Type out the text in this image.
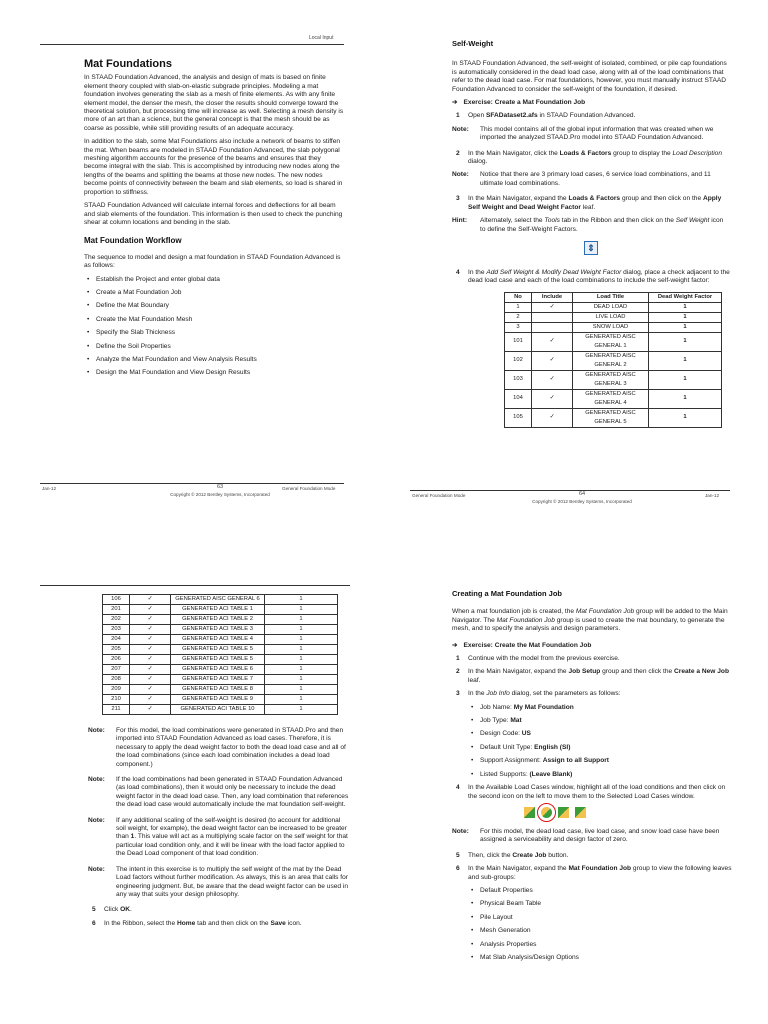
Local Input
Mat Foundations

In STAAD Foundation Advanced, the analysis and design of mats is based on finite element theory coupled with slab-on-elastic subgrade principles. Modeling a mat foundation involves generating the slab as a mesh of finite elements. As with any finite element model, the denser the mesh, the closer the results should converge toward the theoretical solution, but processing time will increase as well. Selecting a mesh density is more of an art than a science, but the general concept is that the mesh should be as coarse as possible, while still providing results of an adequate accuracy.

In addition to the slab, some Mat Foundations also include a network of beams to stiffen the mat. When beams are modeled in STAAD Foundation Advanced, the slab polygonal meshing algorithm accounts for the presence of the beams and ensures that they become integral with the slab. This is accomplished by introducing new nodes along the lengths of the beams and splitting the beams at those new nodes. The new nodes become points of connectivity between the beam and slab elements, so load is shared in proportion to stiffness.

STAAD Foundation Advanced will calculate internal forces and deflections for all beam and slab elements of the foundation. This information is then used to check the punching shear at column locations and bending in the slab.

Mat Foundation Workflow

The sequence to model and design a mat foundation in STAAD Foundation Advanced is as follows:

• Establish the Project and enter global data
• Create a Mat Foundation Job
• Define the Mat Boundary
• Create the Mat Foundation Mesh
• Specify the Slab Thickness
• Define the Soil Properties
• Analyze the Mat Foundation and View Analysis Results
• Design the Mat Foundation and View Design Results
Jan-12	63
Copyright © 2012 Bentley Systems, Incorporated
General Foundation Mode
Self-Weight

In STAAD Foundation Advanced, the self-weight of isolated, combined, or pile cap foundations is automatically considered in the dead load case, along with all of the load combinations that refer to the dead load case. For mat foundations, however, you must manually instruct STAAD Foundation Advanced to consider the self-weight of the foundation, if desired.

➔ Exercise: Create a Mat Foundation Job
1 Open SFADataset2.afs in STAAD Foundation Advanced.
Note: This model contains all of the global input information that was created when we imported the analyzed STAAD.Pro model into STAAD Foundation Advanced.
2 In the Main Navigator, click the Loads & Factors group to display the Load Description dialog.
Note: Notice that there are 3 primary load cases, 6 service load combinations, and 11 ultimate load combinations.
3 In the Main Navigator, expand the Loads & Factors group and then click on the Apply Self Weight and Dead Weight Factor leaf.
Hint: Alternately, select the Tools tab in the Ribbon and then click on the Self Weight icon to define the Self-Weight Factors.
⇕
4 In the Add Self Weight & Modify Dead Weight Factor dialog, place a check adjacent to the dead load case and each of the load combinations to include the self-weight factor:
No	Include	Load Title	Dead Weight Factor
1	✓	DEAD LOAD	1
2		LIVE LOAD	1
3		SNOW LOAD	1
101	✓	GENERATED AISC GENERAL 1	1
102	✓	GENERATED AISC GENERAL 2	1
103	✓	GENERATED AISC GENERAL 3	1
104	✓	GENERATED AISC GENERAL 4	1
105	✓	GENERATED AISC GENERAL 5	1
General Foundation Mode	64
Copyright © 2012 Bentley Systems, Incorporated
Jan-12
106	✓	GENERATED AISC GENERAL 6	1
201	✓	GENERATED ACI TABLE 1	1
202	✓	GENERATED ACI TABLE 2	1
203	✓	GENERATED ACI TABLE 3	1
204	✓	GENERATED ACI TABLE 4	1
205	✓	GENERATED ACI TABLE 5	1
206	✓	GENERATED ACI TABLE 5	1
207	✓	GENERATED ACI TABLE 6	1
208	✓	GENERATED ACI TABLE 7	1
209	✓	GENERATED ACI TABLE 8	1
210	✓	GENERATED ACI TABLE 9	1
211	✓	GENERATED ACI TABLE 10	1
Note: For this model, the load combinations were generated in STAAD.Pro and then imported into STAAD Foundation Advanced as load cases. Therefore, it is necessary to apply the dead weight factor to both the dead load case and all of the load combinations (since each load combination includes a dead load component.)
Note: If the load combinations had been generated in STAAD Foundation Advanced (as load combinations), then it would only be necessary to include the dead weight factor in the dead load case. Then, any load combination that references the dead load case would automatically include the mat foundation self-weight.
Note: If any additional scaling of the self-weight is desired (to account for additional soil weight, for example), the dead weight factor can be increased to be greater than 1. This value will act as a multiplying scale factor on the self weight for that particular load condition only, and it will be linear with the load factor applied to the Dead Load component of that load condition.
Note: The intent in this exercise is to multiply the self weight of the mat by the Dead Load factors without further modification. As always, this is an area that calls for engineering judgment. But, be aware that the dead weight factor can be used in any way that suits your design philosophy.
5 Click OK.
6 In the Ribbon, select the Home tab and then click on the Save icon.
Creating a Mat Foundation Job

When a mat foundation job is created, the Mat Foundation Job group will be added to the Main Navigator. The Mat Foundation Job group is used to create the mat boundary, to generate the mesh, and to specify the analysis and design parameters.

➔ Exercise: Create the Mat Foundation Job
1 Continue with the model from the previous exercise.
2 In the Main Navigator, expand the Job Setup group and then click the Create a New Job leaf.
3 In the Job Info dialog, set the parameters as follows:
• Job Name: My Mat Foundation
• Job Type: Mat
• Design Code: US
• Default Unit Type: English (SI)
• Support Assignment: Assign to all Support
• Listed Supports: (Leave Blank)
4 In the Available Load Cases window, highlight all of the load conditions and then click on the second icon on the left to move them to the Selected Load Cases window.
Note: For this model, the dead load case, live load case, and snow load case have been assigned a serviceability and design factor of zero.
5 Then, click the Create Job button.
6 In the Main Navigator, expand the Mat Foundation Job group to view the following leaves and sub-groups:
• Default Properties
• Physical Beam Table
• Pile Layout
• Mesh Generation
• Analysis Properties
• Mat Slab Analysis/Design Options
